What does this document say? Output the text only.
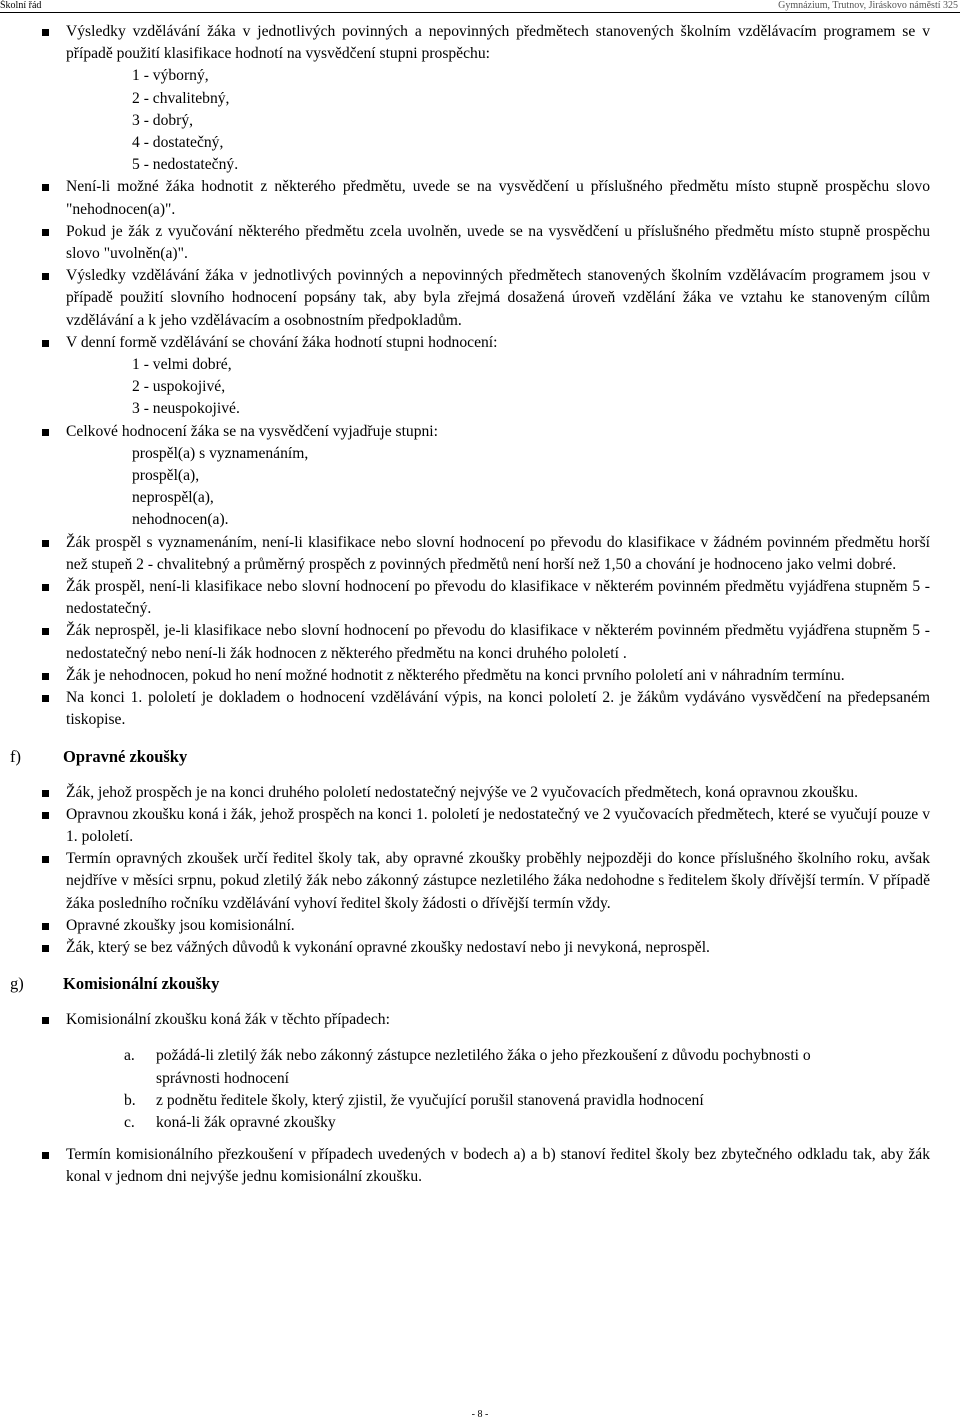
Školní řád	Gymnázium, Trutnov, Jiráskovo náměstí 325
Výsledky vzdělávání žáka v jednotlivých povinných a nepovinných předmětech stanovených školním vzdělávacím programem se v případě použití klasifikace hodnotí na vysvědčení stupni prospěchu:
1 - výborný,
2 - chvalitebný,
3 - dobrý,
4 - dostatečný,
5 - nedostatečný.
Není-li možné žáka hodnotit z některého předmětu, uvede se na vysvědčení u příslušného předmětu místo stupně prospěchu slovo "nehodnocen(a)".
Pokud je žák z vyučování některého předmětu zcela uvolněn, uvede se na vysvědčení u příslušného předmětu místo stupně prospěchu slovo "uvolněn(a)".
Výsledky vzdělávání žáka v jednotlivých povinných a nepovinných předmětech stanovených školním vzdělávacím programem jsou v případě použití slovního hodnocení popsány tak, aby byla zřejmá dosažená úroveň vzdělání žáka ve vztahu ke stanoveným cílům vzdělávání a k jeho vzdělávacím a osobnostním předpokladům.
V denní formě vzdělávání se chování žáka hodnotí stupni hodnocení:
1 - velmi dobré,
2 - uspokojivé,
3 - neuspokojivé.
Celkové hodnocení žáka se na vysvědčení vyjadřuje stupni:
prospěl(a) s vyznamenáním,
prospěl(a),
neprospěl(a),
nehodnocen(a).
Žák prospěl s vyznamenáním, není-li klasifikace nebo slovní hodnocení po převodu do klasifikace v žádném povinném předmětu horší než stupeň 2 - chvalitebný a průměrný prospěch z povinných předmětů není horší než 1,50 a chování je hodnoceno jako velmi dobré.
Žák prospěl, není-li klasifikace nebo slovní hodnocení po převodu do klasifikace v některém povinném předmětu vyjádřena stupněm 5 - nedostatečný.
Žák neprospěl, je-li klasifikace nebo slovní hodnocení po převodu do klasifikace v některém povinném předmětu vyjádřena stupněm 5 - nedostatečný nebo není-li žák hodnocen z některého předmětu na konci druhého pololetí .
Žák je nehodnocen, pokud ho není možné hodnotit z některého předmětu na konci prvního pololetí ani v náhradním termínu.
Na konci 1. pololetí je dokladem o hodnocení vzdělávání výpis, na konci pololetí 2. je žákům vydáváno vysvědčení na předepsaném tiskopise.
f)	Opravné zkoušky
Žák, jehož prospěch je na konci druhého pololetí nedostatečný nejvýše ve 2 vyučovacích předmětech, koná opravnou zkoušku.
Opravnou zkoušku koná i žák, jehož prospěch na konci 1. pololetí je nedostatečný ve 2 vyučovacích předmětech, které se vyučují pouze v 1. pololetí.
Termín opravných zkoušek určí ředitel školy tak, aby opravné zkoušky proběhly nejpozději do konce příslušného školního roku, avšak nejdříve v měsíci srpnu, pokud zletilý žák nebo zákonný zástupce nezletilého žáka nedohodne s ředitelem školy dřívější termín. V případě žáka posledního ročníku vzdělávání vyhoví ředitel školy žádosti o dřívější termín vždy.
Opravné zkoušky jsou komisionální.
Žák, který se bez vážných důvodů k vykonání opravné zkoušky nedostaví nebo ji nevykoná, neprospěl.
g) Komisionální zkoušky
Komisionální zkoušku koná žák v těchto případech:
a. požádá-li zletilý žák nebo zákonný zástupce nezletilého žáka o jeho přezkoušení z důvodu pochybnosti o správnosti hodnocení
b. z podnětu ředitele školy, který zjistil, že vyučující porušil stanovená pravidla hodnocení
c. koná-li žák opravné zkoušky
Termín komisionálního přezkoušení v případech uvedených v bodech a) a b) stanoví ředitel školy bez zbytečného odkladu tak, aby žák konal v jednom dni nejvýše jednu komisionální zkoušku.
- 8 -
